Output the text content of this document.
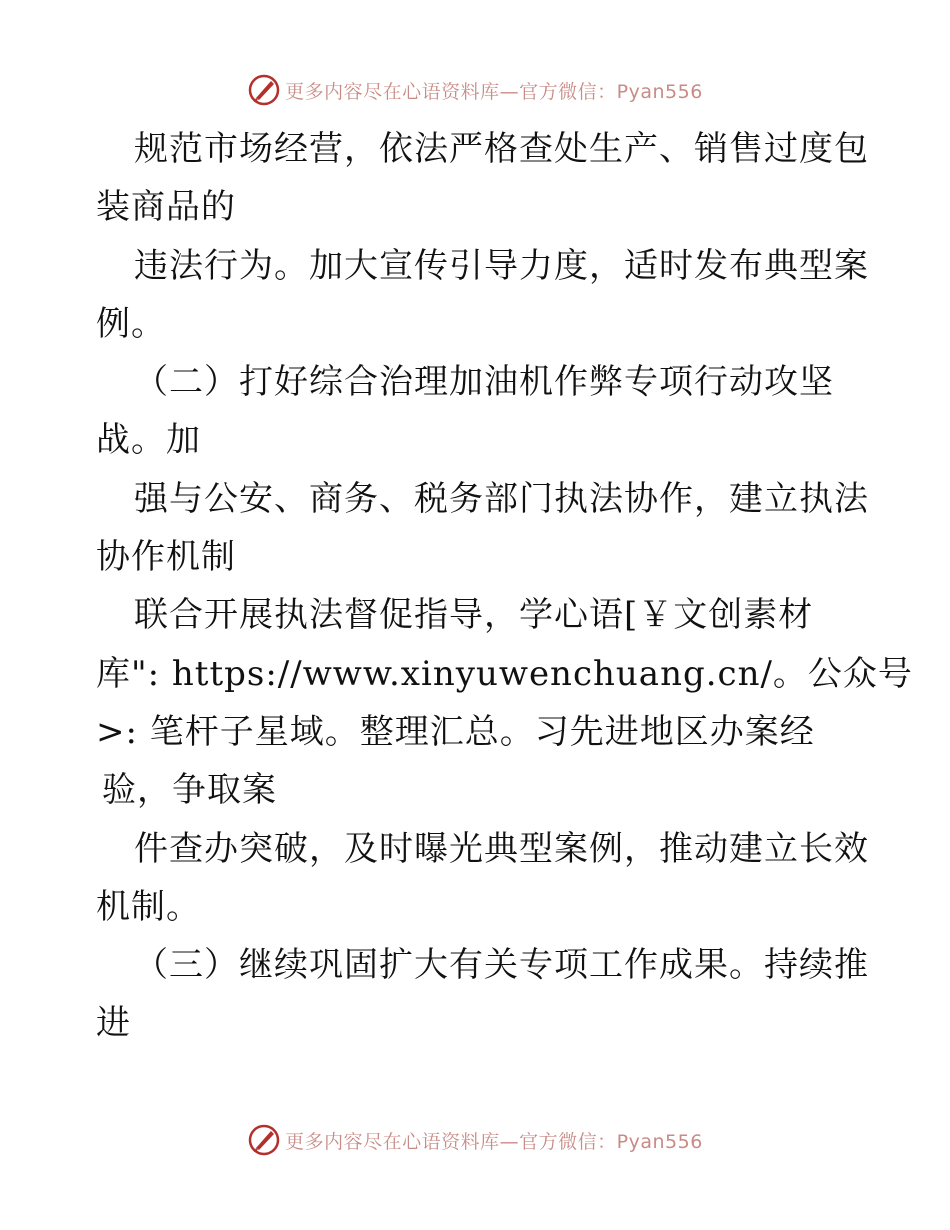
更多内容尽在心语资料库—官方微信：Pyan556
规范市场经营，依法严格查处生产、销售过度包
装商品的
违法行为。加大宣传引导力度，适时发布典型案
例。
（二）打好综合治理加油机作弊专项行动攻坚
战。加
强与公安、商务、税务部门执法协作，建立执法
协作机制
联合开展执法督促指导，学心语[￥文创素材
库": https://www.xinyuwenchuang.cn/。公众号
>: 笔杆子星域。整理汇总。习先进地区办案经
验，争取案
件查办突破，及时曝光典型案例，推动建立长效
机制。
（三）继续巩固扩大有关专项工作成果。持续推
进
更多内容尽在心语资料库—官方微信：Pyan556
